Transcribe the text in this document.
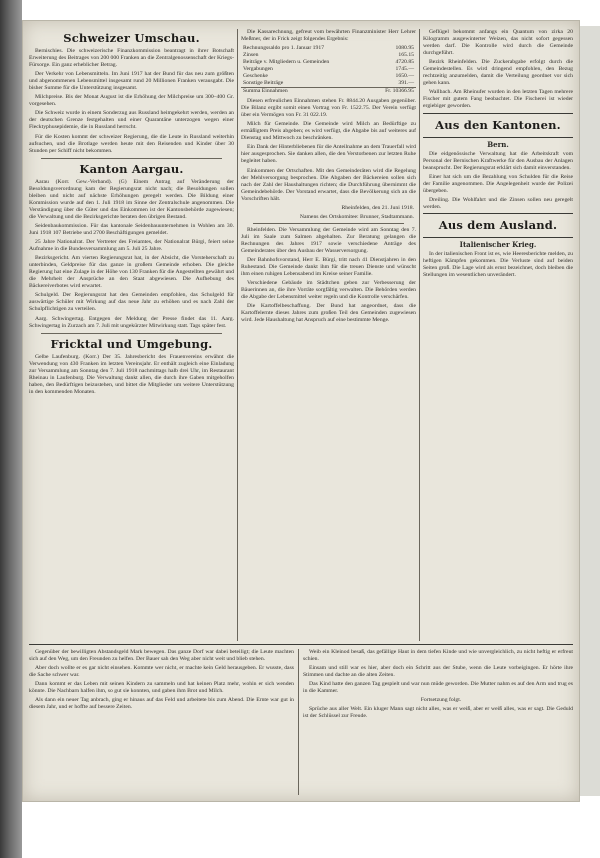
Schweizer Umschau.

Bernischies. Die schweizerische Finanzkommission beantragt in ihrer Botschaft Erweiterung des Beitrages von 200 000 Franken an die Zentralgenossenschaft der Kriegs-Fürsorge. Ein ganz erheblicher Betrag.

Der Verkehr von Lebensmitteln. Im Juni 1917 hat der Bund für das neu zum größten und abgenommenen Lebensmittel insgesamt rund 20 Millionen Franken verausgabt. Die bisher Summe für die Unterstützung insgesamt.

Milchpreise. Bis der Monat August ist die Erhöhung der Milchpreise um 300–400 Gr. vorgesehen.

Die Schweiz wurde in einem Sonderzug aus Russland heimgekehrt werden, werden an der deutschen Grenze festgehalten und einer Quarantäne unterzogen wegen einer Flecktyphusepidemie, die in Russland herrscht.

Für die Kosten kommt der schweizer Regierung, die die Leute in Russland weiterhin aufsuchen, und die Brotlage werden heute mit den Reisenden und Kinder über 30 Stunden per Schiff nicht bekommen.

Kanton Aargau.

Aarau (Korr. Gew.-Verband). (G) Einem Antrag auf Veränderung der Besoldungsverordnung kam der Regierungsrat nicht nach; die Besoldungen sollen bleiben und nicht auf nächste Erhöhungen geregelt werden. Die Bildung einer Kommission wurde auf den 1. Juli 1918 im Sinne der Zentralschule angenommen. Die Verständigung über die Güter und das Einkommen ist der Kantonsbehörde zugewiesen; die Verwaltung und die Bezirksgerichte beraten den übrigen Bestand.

Seidenbaukommission. Für das kantonale Seidenbauunternehmen in Wohlen am 30. Juni 1918 107 Betriebe und 2700 Beschäftigungen gemeldet.

25 Jahre Nationalrat. Der Vertreter des Freiamtes, der Nationalrat Bürgi, feiert seine Aufnahme in die Bundesversammlung am 5. Juli 25 Jahre.

Bezirksgericht. Am vierten Regierungsrat hat, in der Absicht, die Vorsteherschaft zu unterbinden, Geldpreise für das ganze in großem Gemeinde erhoben. Die gleiche Regierung hat eine Zulage in der Höhe von 130 Franken für die Angestellten gewährt und die Mehrheit der Ansprüche an den Staat abgewiesen. Die Aufhebung des Bäckereiverbotes wird erwartet.

Schulgeld. Der Regierungsrat hat den Gemeinden empfohlen, das Schulgeld für auswärtige Schüler mit Wirkung auf das neue Jahr zu erhöhen und es nach Zahl der Schulpflichtigen zu verteilen.

Aarg. Schwingertag. Entgegen der Meldung der Presse findet das 11. Aarg. Schwingertag in Zurzach am 7. Juli mit ungekürzter Mitwirkung statt. Tags später fest.

Fricktal und Umgebung.

Gelbe Laufenburg. (Korr.) Der 35. Jahresbericht des Frauenvereins erwähnt die Verwendung von 430 Franken im letzten Vereinsjahr. Er enthält zugleich eine Einladung zur Versammlung am Sonntag den 7. Juli 1918 nachmittags halb drei Uhr, im Restaurant Rheinau in Laufenburg. Die Verwaltung dankt allen, die durch ihre Gaben mitgeholfen haben, den Bedürftigen beizustehen, und bittet die Mitglieder um weitere Unterstützung in den kommenden Monaten.

Die Kassarechnung, gefreut vom bewährten Finanzminister Herr Lehrer Meßmer, der in Frick zeigt folgendes Ergebnis:

Rechnungssaldo pro 1. Januar 1917	1080.95
Zinsen	165.15
Beiträge v. Mitgliedern u. Gemeinden	4720.85
Vergabungen	1745.—
Geschenke	1650.—
Sonstige Beiträge	391.—
Summa Einnahmen	Fr. 10366.95

Diesen erfreulichen Einnahmen stehen Fr. 8844.20 Ausgaben gegenüber. Die Bilanz ergibt somit einen Vortrag von Fr. 1522.75. Der Verein verfügt über ein Vermögen von Fr. 31 022.19.

Milch für Gemeinde. Die Gemeinde wird Milch an Bedürftige zu ermäßigtem Preis abgeben; es wird verfügt, die Abgabe bis auf weiteres auf Dienstag und Mittwoch zu beschränken.

Ein Dank der Hinterbliebenen für die Anteilnahme an dem Trauerfall wird hier ausgesprochen. Sie danken allen, die den Verstorbenen zur letzten Ruhe begleitet haben.

Einkommen der Ortschaften. Mit den Gemeinderäten wird die Regelung der Mehlversorgung besprochen. Die Abgaben der Bäckereien sollen sich nach der Zahl der Haushaltungen richten; die Durchführung übernimmt die Gemeindebehörde. Der Vorstand erwartet, dass die Bevölkerung sich an die Vorschriften hält.

Rheinfelden, den 21. Juni 1918.
Namens des Ortskomitee: Brunner, Stadtammann.

Rheinfelden. Die Versammlung der Gemeinde wird am Sonntag den 7. Juli im Saale zum Salmen abgehalten. Zur Beratung gelangen die Rechnungen des Jahres 1917 sowie verschiedene Anträge des Gemeinderates über den Ausbau der Wasserversorgung.

Der Bahnhofsvorstand, Herr E. Bürgi, tritt nach 41 Dienstjahren in den Ruhestand. Die Gemeinde dankt ihm für die treuen Dienste und wünscht ihm einen ruhigen Lebensabend im Kreise seiner Familie.

Verschiedene Gebäude im Städtchen geben zur Verbesserung der Bäuerinnen an, die ihre Vorräte sorgfältig verwalten. Die Behörden werden die Abgabe der Lebensmittel weiter regeln und die Kontrolle verschärfen.

Die Kartoffelbeschaffung. Der Bund hat angeordnet, dass die Kartoffelernte dieses Jahres zum großen Teil den Gemeinden zugewiesen wird. Jede Haushaltung hat Anspruch auf eine bestimmte Menge.

Geflügel bekommt anfangs ein Quantum von zirka 20 Kilogramm ausgewinterter Weizen, das nicht sofort gegessen werden darf. Die Kontrolle wird durch die Gemeinde durchgeführt.

Bezirk Rheinfelden. Die Zuckerabgabe erfolgt durch die Gemeindestellen. Es wird dringend empfohlen, den Bezug rechtzeitig anzumelden, damit die Verteilung geordnet vor sich gehen kann.

Wallbach. Am Rheinufer wurden in den letzten Tagen mehrere Fischer mit gutem Fang beobachtet. Die Fischerei ist wieder ergiebiger geworden.

Aus den Kantonen.
Bern.

Die eidgenössische Verwaltung hat die Arbeitskraft vom Personal der Bernischen Kraftwerke für den Ausbau der Anlagen beansprucht. Der Regierungsrat erklärt sich damit einverstanden.

Einer hat sich um die Bezahlung von Schulden für die Reise der Familie angenommen. Die Angelegenheit wurde der Polizei übergeben.

Dreiling. Die Wohlfahrt und die Zinsen sollen neu geregelt werden.

Aus dem Ausland.
Italienischer Krieg.

In der italienischen Front ist es, wie Heeresberichte melden, zu heftigen Kämpfen gekommen. Die Verluste sind auf beiden Seiten groß. Die Lage wird als ernst bezeichnet, doch bleiben die Stellungen im wesentlichen unverändert.

Gegenüber der bewilligten Abstandsgeld Mark bewegen. Das ganze Dorf war dabei beteiligt; die Leute machten sich auf den Weg, um den Freunden zu helfen. Der Bauer sah den Weg aber nicht weit und blieb stehen.

Aber doch wollte er es gar nicht einsehen. Kommte wer nicht, er machte kein Geld herausgeben. Er wusste, dass die Sache schwer war.

Dann kommt er das Leben mit seinen Kindern zu sammeln und hat keinen Platz mehr, wohin er sich wenden könnte. Die Nachbarn halfen ihm, so gut sie konnten, und gaben ihm Brot und Milch.

Als dann ein neuer Tag anbrach, ging er hinaus auf das Feld und arbeitete bis zum Abend. Die Ernte war gut in diesem Jahr, und er hoffte auf bessere Zeiten.

Weib ein Kleinod besaß, das gefällige Haut in dem tiefen Kinde und wie unvergleichlich, zu nicht heftig er erfreut schien.

Einsam und still war es hier, aber doch ein Schritt aus der Stube, wenn die Leute vorbeigingen. Er hörte ihre Stimmen und dachte an die alten Zeiten.

Das Kind hatte den ganzen Tag gespielt und war nun müde geworden. Die Mutter nahm es auf den Arm und trug es in die Kammer.

Fortsetzung folgt.

Sprüche aus aller Welt. Ein kluger Mann sagt nicht alles, was er weiß, aber er weiß alles, was er sagt. Die Geduld ist der Schlüssel zur Freude.
